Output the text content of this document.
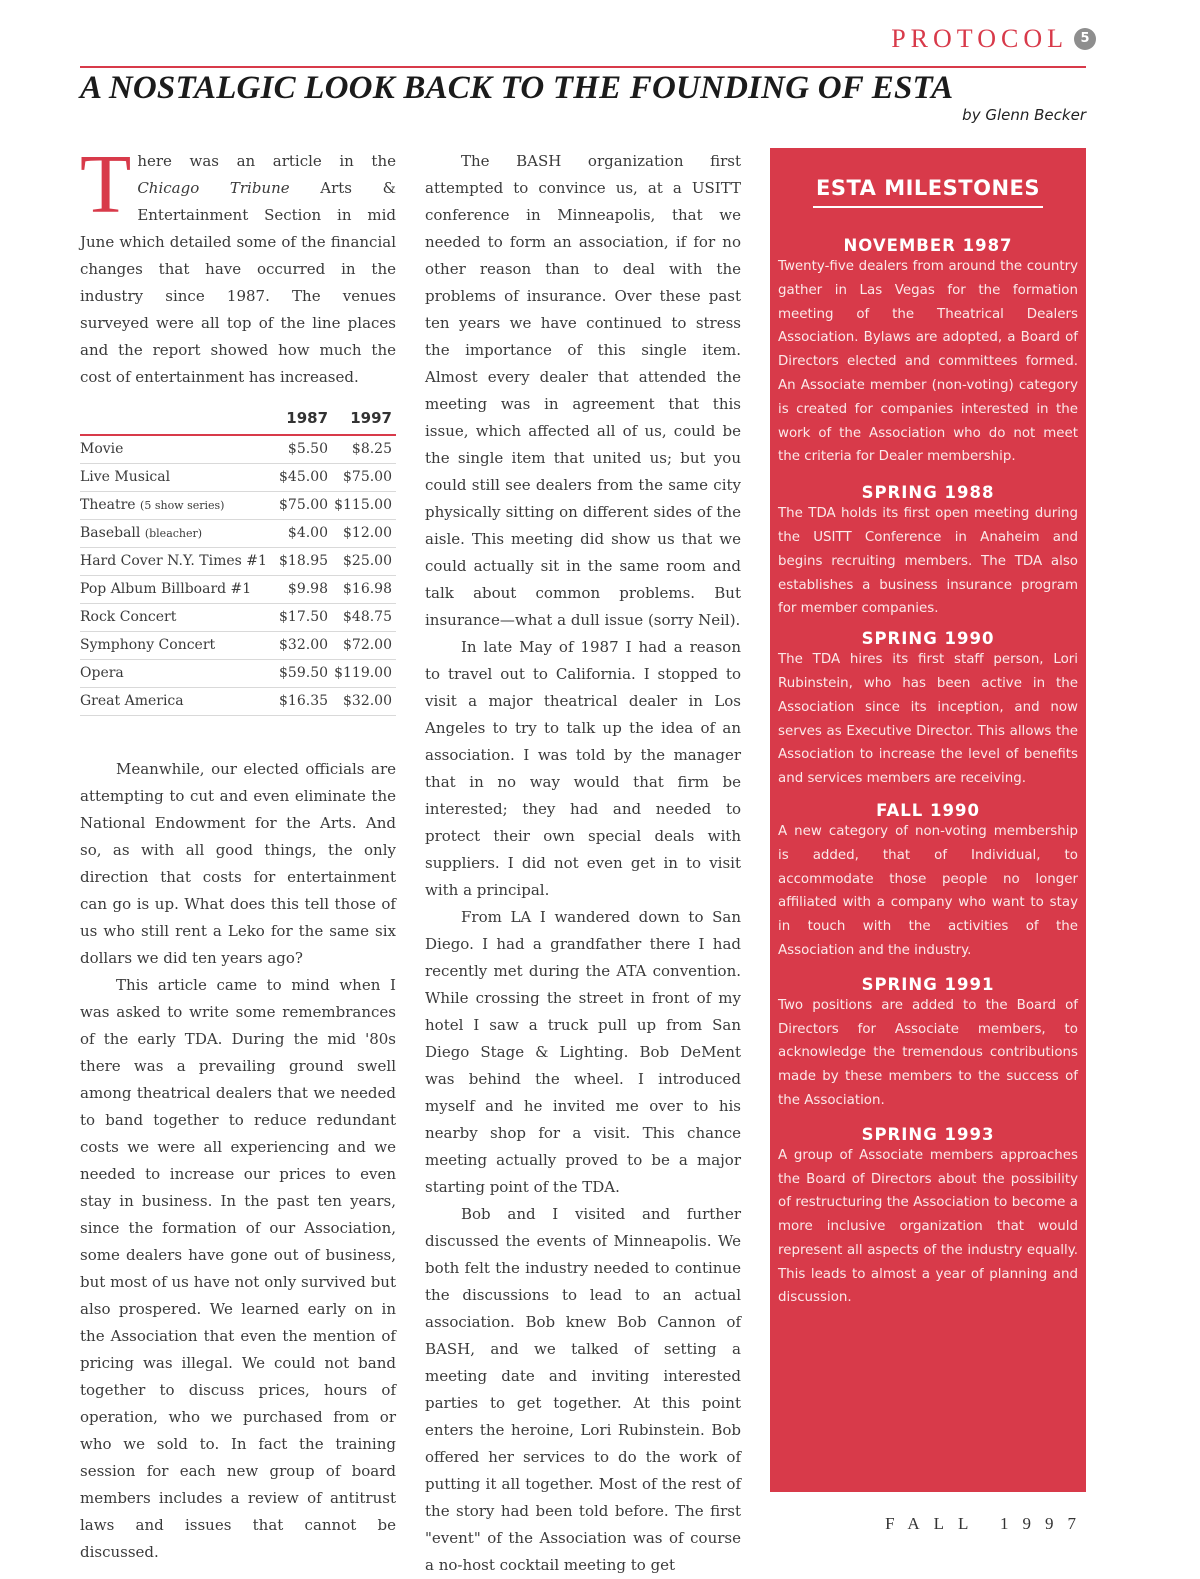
PROTOCOL 5
A NOSTALGIC LOOK BACK TO THE FOUNDING OF ESTA
by Glenn Becker

There was an article in the Chicago Tribune Arts & Entertainment Section in mid June which detailed some of the financial changes that have occurred in the industry since 1987. The venues surveyed were all top of the line places and the report showed how much the cost of entertainment has increased.

	1987	1997
Movie	$5.50	$8.25
Live Musical	$45.00	$75.00
Theatre (5 show series)	$75.00	$115.00
Baseball (bleacher)	$4.00	$12.00
Hard Cover N.Y. Times #1	$18.95	$25.00
Pop Album Billboard #1	$9.98	$16.98
Rock Concert	$17.50	$48.75
Symphony Concert	$32.00	$72.00
Opera	$59.50	$119.00
Great America	$16.35	$32.00

Meanwhile, our elected officials are attempting to cut and even eliminate the National Endowment for the Arts. And so, as with all good things, the only direction that costs for entertainment can go is up. What does this tell those of us who still rent a Leko for the same six dollars we did ten years ago?

This article came to mind when I was asked to write some remembrances of the early TDA. During the mid '80s there was a prevailing ground swell among theatrical dealers that we needed to band together to reduce redundant costs we were all experiencing and we needed to increase our prices to even stay in business. In the past ten years, since the formation of our Association, some dealers have gone out of business, but most of us have not only survived but also prospered. We learned early on in the Association that even the mention of pricing was illegal. We could not band together to discuss prices, hours of operation, who we purchased from or who we sold to. In fact the training session for each new group of board members includes a review of antitrust laws and issues that cannot be discussed.

The BASH organization first attempted to convince us, at a USITT conference in Minneapolis, that we needed to form an association, if for no other reason than to deal with the problems of insurance. Over these past ten years we have continued to stress the importance of this single item. Almost every dealer that attended the meeting was in agreement that this issue, which affected all of us, could be the single item that united us; but you could still see dealers from the same city physically sitting on different sides of the aisle. This meeting did show us that we could actually sit in the same room and talk about common problems. But insurance—what a dull issue (sorry Neil).

In late May of 1987 I had a reason to travel out to California. I stopped to visit a major theatrical dealer in Los Angeles to try to talk up the idea of an association. I was told by the manager that in no way would that firm be interested; they had and needed to protect their own special deals with suppliers. I did not even get in to visit with a principal.

From LA I wandered down to San Diego. I had a grandfather there I had recently met during the ATA convention. While crossing the street in front of my hotel I saw a truck pull up from San Diego Stage & Lighting. Bob DeMent was behind the wheel. I introduced myself and he invited me over to his nearby shop for a visit. This chance meeting actually proved to be a major starting point of the TDA.

Bob and I visited and further discussed the events of Minneapolis. We both felt the industry needed to continue the discussions to lead to an actual association. Bob knew Bob Cannon of BASH, and we talked of setting a meeting date and inviting interested parties to get together. At this point enters the heroine, Lori Rubinstein. Bob offered her services to do the work of putting it all together. Most of the rest of the story had been told before. The first "event" of the Association was of course a no-host cocktail meeting to get

ESTA MILESTONES
NOVEMBER 1987

Twenty-five dealers from around the country gather in Las Vegas for the formation meeting of the Theatrical Dealers Association. Bylaws are adopted, a Board of Directors elected and committees formed. An Associate member (non-voting) category is created for companies interested in the work of the Association who do not meet the criteria for Dealer membership.

SPRING 1988

The TDA holds its first open meeting during the USITT Conference in Anaheim and begins recruiting members. The TDA also establishes a business insurance program for member companies.

SPRING 1990

The TDA hires its first staff person, Lori Rubinstein, who has been active in the Association since its inception, and now serves as Executive Director. This allows the Association to increase the level of benefits and services members are receiving.

FALL 1990

A new category of non-voting membership is added, that of Individual, to accommodate those people no longer affiliated with a company who want to stay in touch with the activities of the Association and the industry.

SPRING 1991

Two positions are added to the Board of Directors for Associate members, to acknowledge the tremendous contributions made by these members to the success of the Association.

SPRING 1993

A group of Associate members approaches the Board of Directors about the possibility of restructuring the Association to become a more inclusive organization that would represent all aspects of the industry equally. This leads to almost a year of planning and discussion.

FALL 1997
